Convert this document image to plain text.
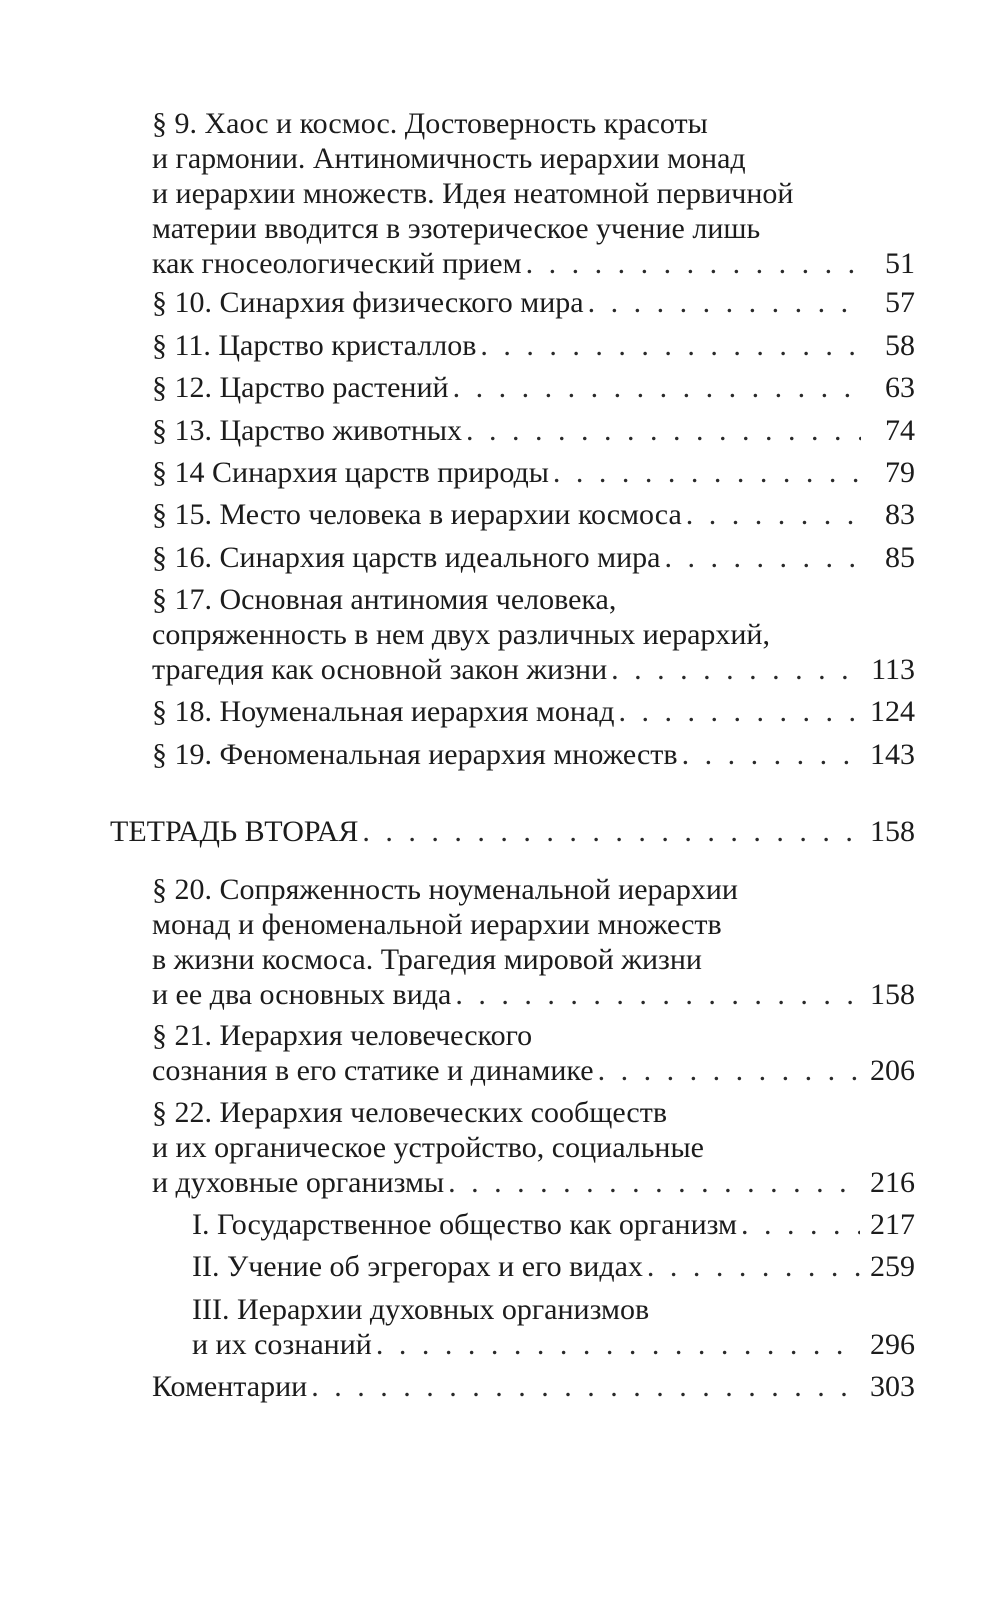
§ 9. Хаос и космос. Достоверность красоты
и гармонии. Антиномичность иерархии монад
и иерархии множеств. Идея неатомной первичной
материи вводится в эзотерическое учение лишь
как гносеологический прием . . .	51
§ 10. Синархия физического мира . . .	57
§ 11. Царство кристаллов . . .	58
§ 12. Царство растений . . .	63
§ 13. Царство животных . . .	74
§ 14 Синархия царств природы . . .	79
§ 15. Место человека в иерархии космоса . . .	83
§ 16. Синархия царств идеального мира . . .	85
§ 17. Основная антиномия человека,
сопряженность в нем двух различных иерархий,
трагедия как основной закон жизни . . .	113
§ 18. Ноуменальная иерархия монад . . .	124
§ 19. Феноменальная иерархия множеств . . .	143
ТЕТРАДЬ ВТОРАЯ . . .	158
§ 20. Сопряженность ноуменальной иерархии
монад и феноменальной иерархии множеств
в жизни космоса. Трагедия мировой жизни
и ее два основных вида . . .	158
§ 21. Иерархия человеческого
сознания в его статике и динамике . . .	206
§ 22. Иерархия человеческих сообществ
и их органическое устройство, социальные
и духовные организмы . . .	216
I. Государственное общество как организм . . .	217
II. Учение об эгрегорах и его видах . . .	259
III. Иерархии духовных организмов
и их сознаний . . .	296
Коментарии . . .	303
